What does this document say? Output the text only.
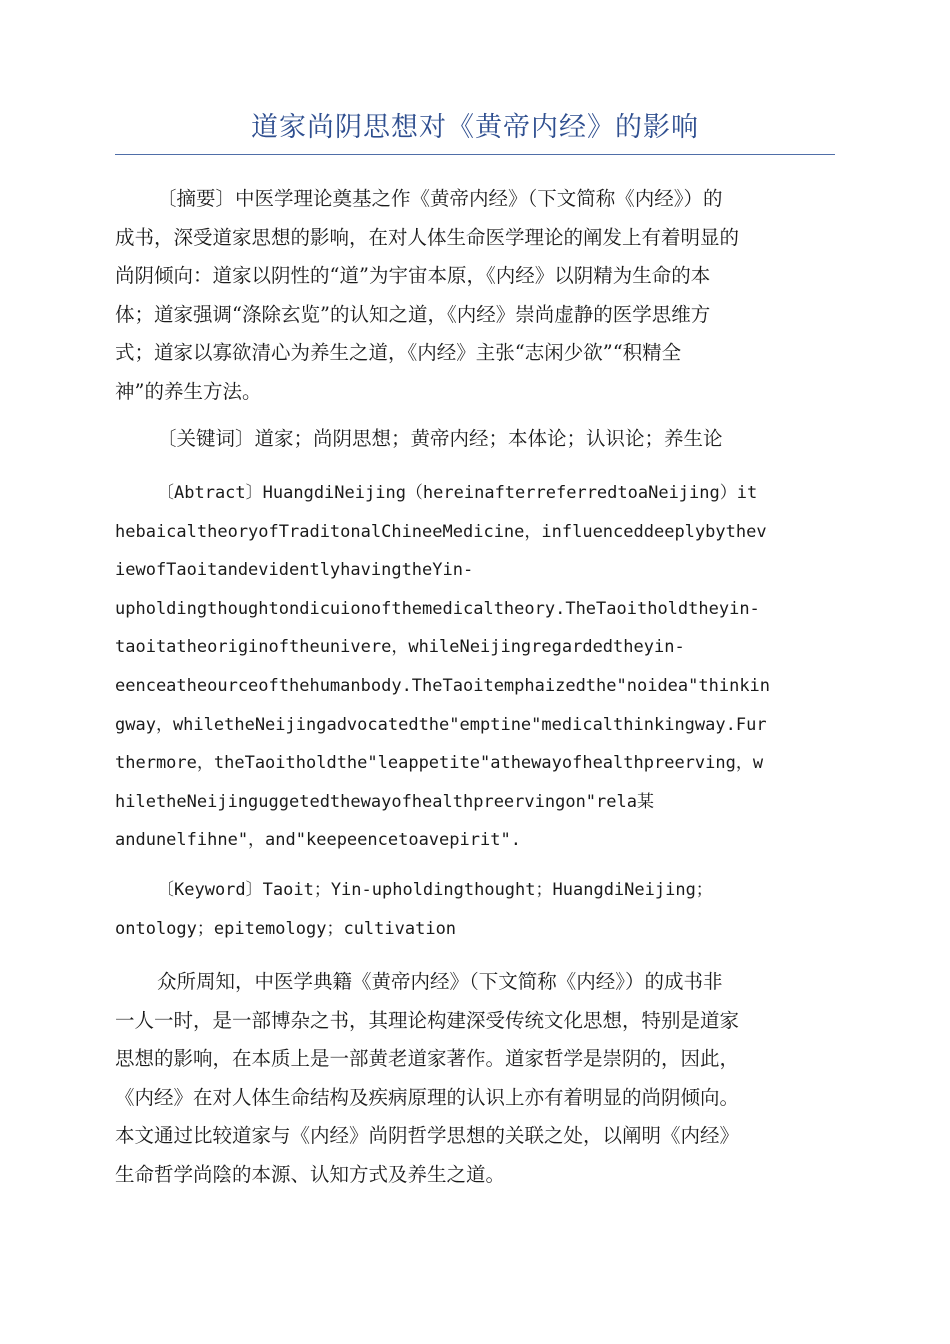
道家尚阴思想对《黄帝内经》的影响
〔摘要〕中医学理论奠基之作《黄帝内经》（下文简称《内经》）的
成书，深受道家思想的影响，在对人体生命医学理论的阐发上有着明显的
尚阴倾向：道家以阴性的“道”为宇宙本原，《内经》以阴精为生命的本
体；道家强调“涤除玄览”的认知之道，《内经》崇尚虚静的医学思维方
式；道家以寡欲清心为养生之道，《内经》主张“志闲少欲”“积精全
神”的养生方法。
〔关键词〕道家；尚阴思想；黄帝内经；本体论；认识论；养生论
〔Abtract〕HuangdiNeijing（hereinafterreferredtoaNeijing）it
hebaicaltheoryofTraditonalChineeMedicine，influenceddeeplybythev
iewofTaoitandevidentlyhavingtheYin-
upholdingthoughtondicuionofthemedicaltheory.TheTaoitholdtheyin-
taoitatheoriginoftheunivere，whileNeijingregardedtheyin-
eenceatheourceofthehumanbody.TheTaoitemphaizedthe"noidea"thinkin
gway，whiletheNeijingadvocatedthe"emptine"medicalthinkingway.Fur
thermore，theTaoitholdthe"leappetite"athewayofhealthpreerving，w
hiletheNeijinguggetedthewayofhealthpreervingon"rela某
andunelfihne"，and"keepeencetoavepirit".
〔Keyword〕Taoit；Yin-upholdingthought；HuangdiNeijing；
ontology；epitemology；cultivation
众所周知，中医学典籍《黄帝内经》（下文简称《内经》）的成书非
一人一时，是一部博杂之书，其理论构建深受传统文化思想，特别是道家
思想的影响，在本质上是一部黄老道家著作。道家哲学是崇阴的，因此，
《内经》在对人体生命结构及疾病原理的认识上亦有着明显的尚阴倾向。
本文通过比较道家与《内经》尚阴哲学思想的关联之处，以阐明《内经》
生命哲学尚陰的本源、认知方式及养生之道。
